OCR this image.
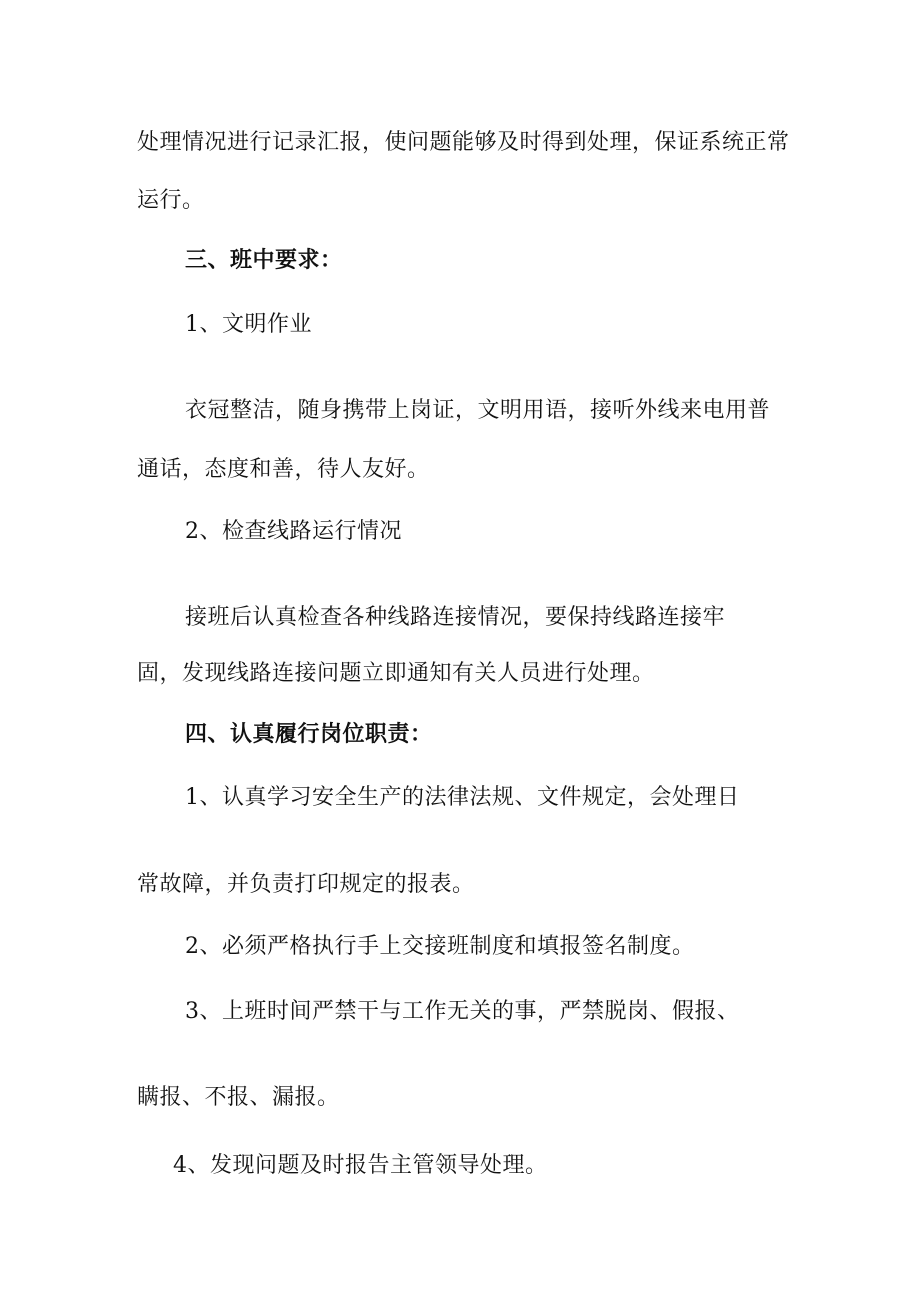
处理情况进行记录汇报，使问题能够及时得到处理，保证系统正常
运行。
三、班中要求：
1、文明作业
衣冠整洁，随身携带上岗证，文明用语，接听外线来电用普
通话，态度和善，待人友好。
2、检查线路运行情况
接班后认真检查各种线路连接情况，要保持线路连接牢
固，发现线路连接问题立即通知有关人员进行处理。
四、认真履行岗位职责：
1、认真学习安全生产的法律法规、文件规定，会处理日
常故障，并负责打印规定的报表。
2、必须严格执行手上交接班制度和填报签名制度。
3、上班时间严禁干与工作无关的事，严禁脱岗、假报、
瞒报、不报、漏报。
4、发现问题及时报告主管领导处理。
